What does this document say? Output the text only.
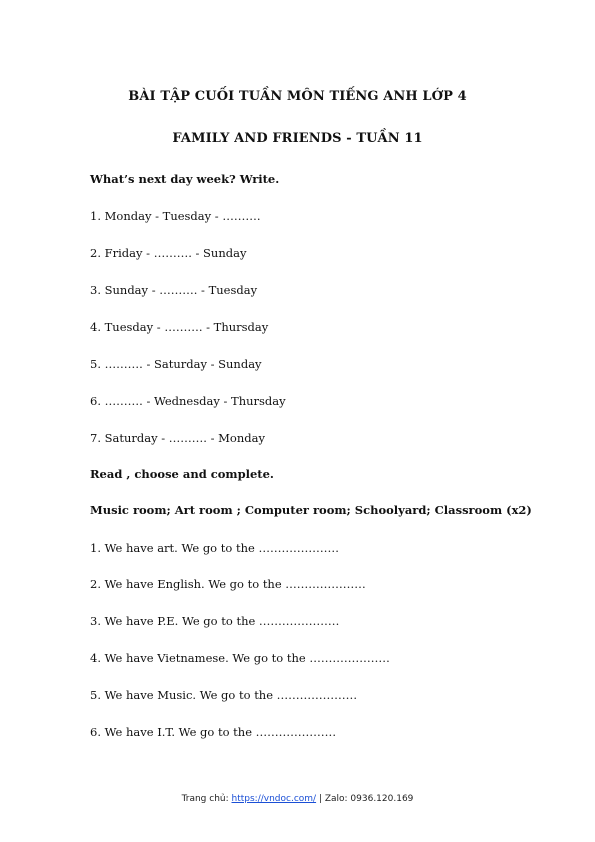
BÀI TẬP CUỐI TUẦN MÔN TIẾNG ANH LỚP 4
FAMILY AND FRIENDS - TUẦN 11
What’s next day week? Write.
1. Monday - Tuesday - ……….
2. Friday - ………. - Sunday
3. Sunday - ………. - Tuesday
4. Tuesday - ………. - Thursday
5. ………. - Saturday - Sunday
6. ………. - Wednesday - Thursday
7. Saturday - ………. - Monday
Read , choose and complete.
Music room; Art room ; Computer room; Schoolyard; Classroom (x2)
1. We have art. We go to the …………………
2. We have English. We go to the …………………
3. We have P.E. We go to the …………………
4. We have Vietnamese. We go to the …………………
5. We have Music. We go to the …………………
6. We have I.T. We go to the …………………
Trang chủ: https://vndoc.com/ | Zalo: 0936.120.169
